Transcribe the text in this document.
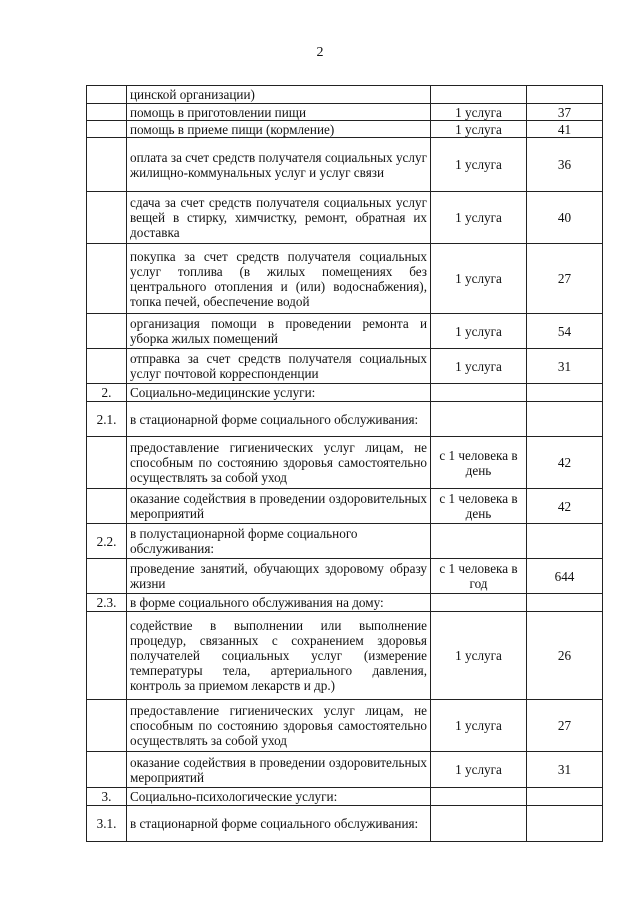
2
	цинской организации)		
	помощь в приготовлении пищи	1 услуга	37
	помощь в приеме пищи (кормление)	1 услуга	41
	оплата за счет средств получателя социальных услуг жилищно-коммунальных услуг и услуг связи	1 услуга	36
	сдача за счет средств получателя социальных услуг вещей в стирку, химчистку, ремонт, обратная их доставка	1 услуга	40
	покупка за счет средств получателя социальных услуг топлива (в жилых помещениях без центрального отопления и (или) водоснабжения), топка печей, обеспечение водой	1 услуга	27
	организация помощи в проведении ремонта и уборка жилых помещений	1 услуга	54
	отправка за счет средств получателя социальных услуг почтовой корреспонденции	1 услуга	31
2.	Социально-медицинские услуги:		
2.1.	в стационарной форме социального обслуживания:		
	предоставление гигиенических услуг лицам, не способным по состоянию здоровья самостоятельно осуществлять за собой уход	с 1 человека в день	42
	оказание содействия в проведении оздоровительных мероприятий	с 1 человека в день	42
2.2.	в полустационарной форме социального обслуживания:		
	проведение занятий, обучающих здоровому образу жизни	с 1 человека в год	644
2.3.	в форме социального обслуживания на дому:		
	содействие в выполнении или выполнение процедур, связанных с сохранением здоровья получателей социальных услуг (измерение температуры тела, артериального давления, контроль за приемом лекарств и др.)	1 услуга	26
	предоставление гигиенических услуг лицам, не способным по состоянию здоровья самостоятельно осуществлять за собой уход	1 услуга	27
	оказание содействия в проведении оздоровительных мероприятий	1 услуга	31
3.	Социально-психологические услуги:		
3.1.	в стационарной форме социального обслуживания:		
